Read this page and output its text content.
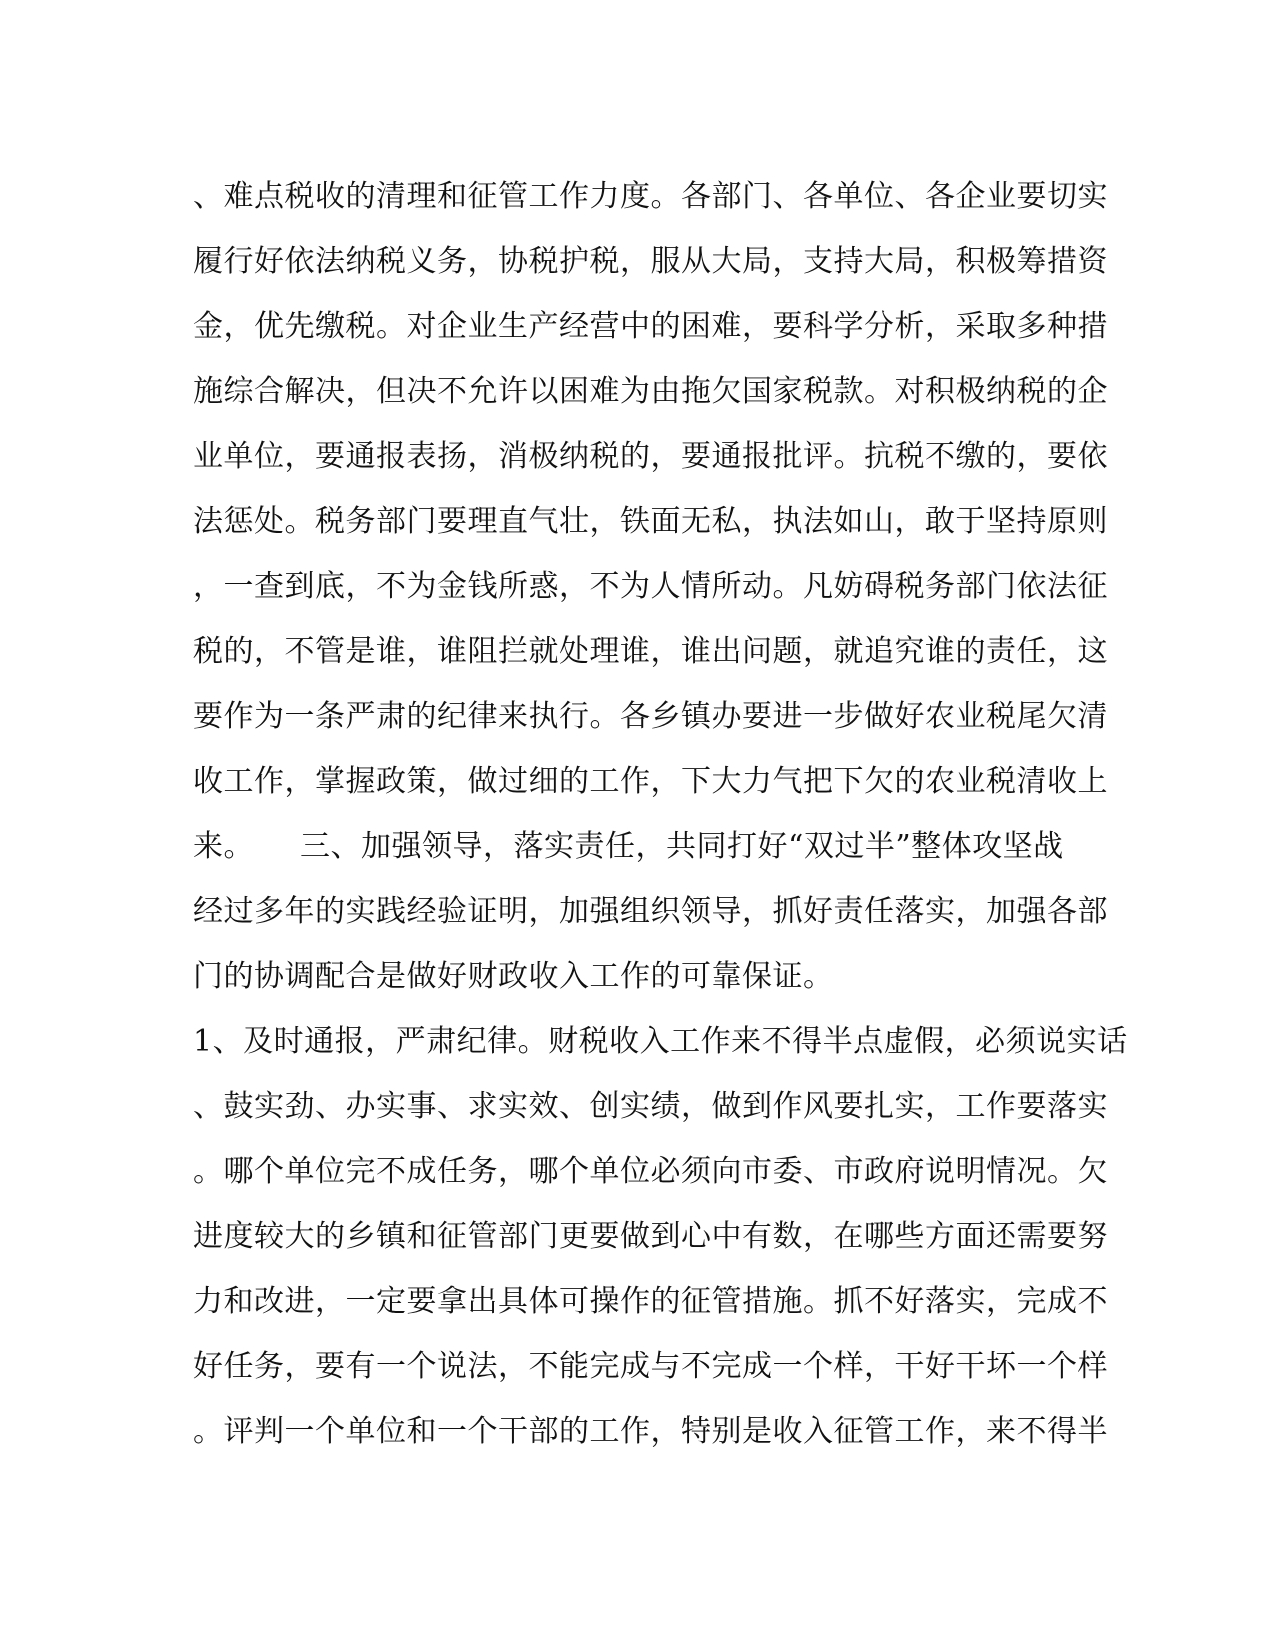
、难点税收的清理和征管工作力度。各部门、各单位、各企业要切实
履行好依法纳税义务，协税护税，服从大局，支持大局，积极筹措资
金，优先缴税。对企业生产经营中的困难，要科学分析，采取多种措
施综合解决，但决不允许以困难为由拖欠国家税款。对积极纳税的企
业单位，要通报表扬，消极纳税的，要通报批评。抗税不缴的，要依
法惩处。税务部门要理直气壮，铁面无私，执法如山，敢于坚持原则
，一查到底，不为金钱所惑，不为人情所动。凡妨碍税务部门依法征
税的，不管是谁，谁阻拦就处理谁，谁出问题，就追究谁的责任，这
要作为一条严肃的纪律来执行。各乡镇办要进一步做好农业税尾欠清
收工作，掌握政策，做过细的工作，下大力气把下欠的农业税清收上
来。　　三、加强领导，落实责任，共同打好“双过半”整体攻坚战
经过多年的实践经验证明，加强组织领导，抓好责任落实，加强各部
门的协调配合是做好财政收入工作的可靠保证。
1、及时通报，严肃纪律。财税收入工作来不得半点虚假，必须说实话
、鼓实劲、办实事、求实效、创实绩，做到作风要扎实，工作要落实
。哪个单位完不成任务，哪个单位必须向市委、市政府说明情况。欠
进度较大的乡镇和征管部门更要做到心中有数，在哪些方面还需要努
力和改进，一定要拿出具体可操作的征管措施。抓不好落实，完成不
好任务，要有一个说法，不能完成与不完成一个样，干好干坏一个样
。评判一个单位和一个干部的工作，特别是收入征管工作，来不得半
